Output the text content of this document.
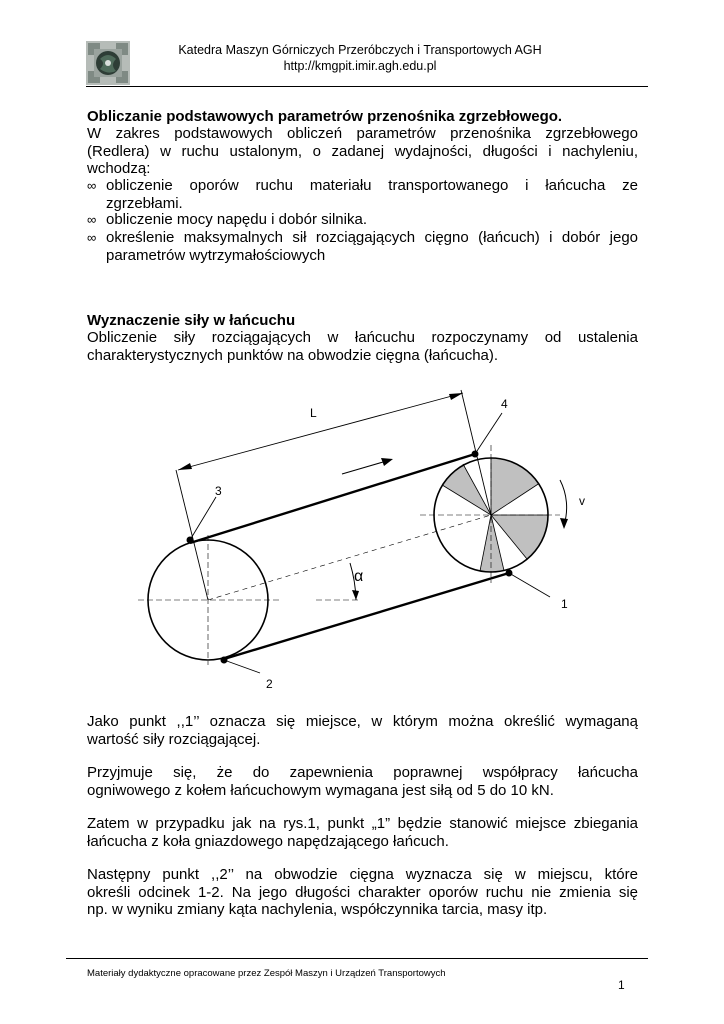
Katedra Maszyn Górniczych Przeróbczych i Transportowych AGH
http://kmgpit.imir.agh.edu.pl
Obliczanie podstawowych parametrów przenośnika zgrzebłowego.
W zakres podstawowych obliczeń parametrów przenośnika zgrzebłowego
(Redlera) w ruchu ustalonym, o zadanej wydajności, długości i nachyleniu,
wchodzą:
∞ obliczenie oporów ruchu materiału transportowanego i łańcucha ze
zgrzebłami.
∞ obliczenie mocy napędu i dobór silnika.
∞ określenie maksymalnych sił rozciągających cięgno (łańcuch) i dobór jego
parametrów wytrzymałościowych
Wyznaczenie siły w łańcuchu
Obliczenie siły rozciągających w łańcuchu rozpoczynamy od ustalenia
charakterystycznych punktów na obwodzie cięgna (łańcucha).
L
α
v
4
3
1
2
Jako punkt ,,1’’ oznacza się miejsce, w którym można określić wymaganą
wartość siły rozciągającej.
Przyjmuje się, że do zapewnienia poprawnej współpracy łańcucha
ogniwowego z kołem łańcuchowym wymagana jest siłą od 5 do 10 kN.
Zatem w przypadku jak na rys.1, punkt „1” będzie stanowić miejsce zbiegania
łańcucha z koła gniazdowego napędzającego łańcuch.
Następny punkt ,,2’’ na obwodzie cięgna wyznacza się w miejscu, które
określi odcinek 1-2. Na jego długości charakter oporów ruchu nie zmienia się
np. w wyniku zmiany kąta nachylenia, współczynnika tarcia, masy itp.
Materiały dydaktyczne opracowane przez Zespół Maszyn i Urządzeń Transportowych
1
